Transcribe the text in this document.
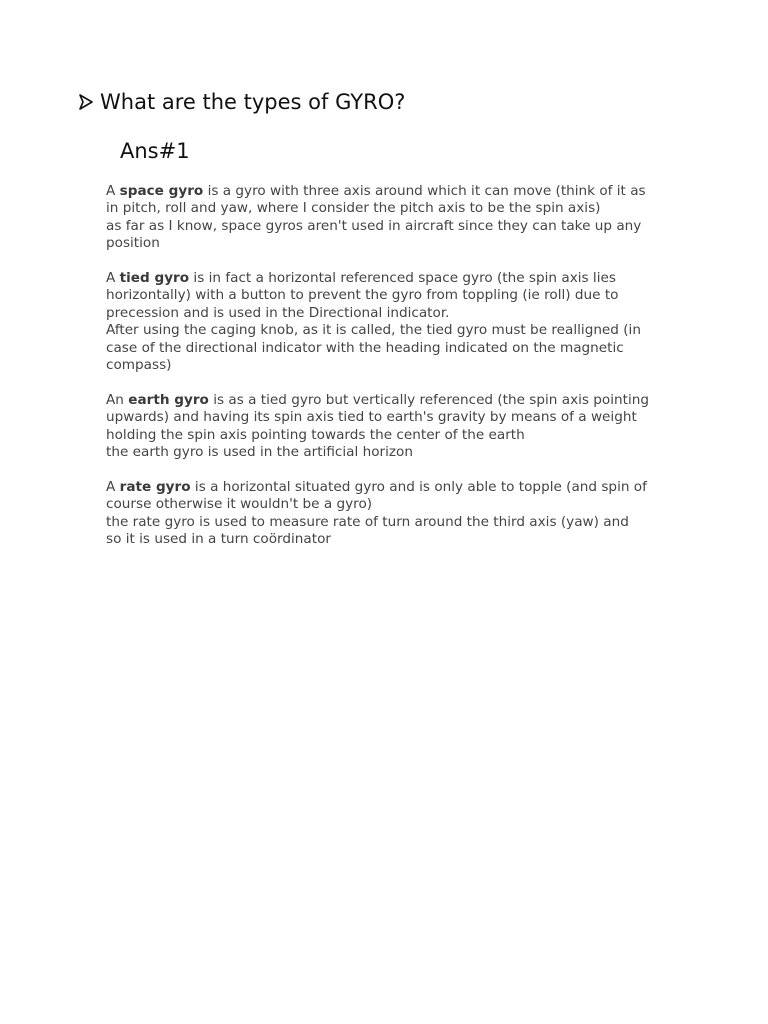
What are the types of GYRO?
Ans#1

A space gyro is a gyro with three axis around which it can move (think of it as
in pitch, roll and yaw, where I consider the pitch axis to be the spin axis)
as far as I know, space gyros aren't used in aircraft since they can take up any
position

A tied gyro is in fact a horizontal referenced space gyro (the spin axis lies
horizontally) with a button to prevent the gyro from toppling (ie roll) due to
precession and is used in the Directional indicator.
After using the caging knob, as it is called, the tied gyro must be realligned (in
case of the directional indicator with the heading indicated on the magnetic
compass)

An earth gyro is as a tied gyro but vertically referenced (the spin axis pointing
upwards) and having its spin axis tied to earth's gravity by means of a weight
holding the spin axis pointing towards the center of the earth
the earth gyro is used in the artificial horizon

A rate gyro is a horizontal situated gyro and is only able to topple (and spin of
course otherwise it wouldn't be a gyro)
the rate gyro is used to measure rate of turn around the third axis (yaw) and
so it is used in a turn coördinator
